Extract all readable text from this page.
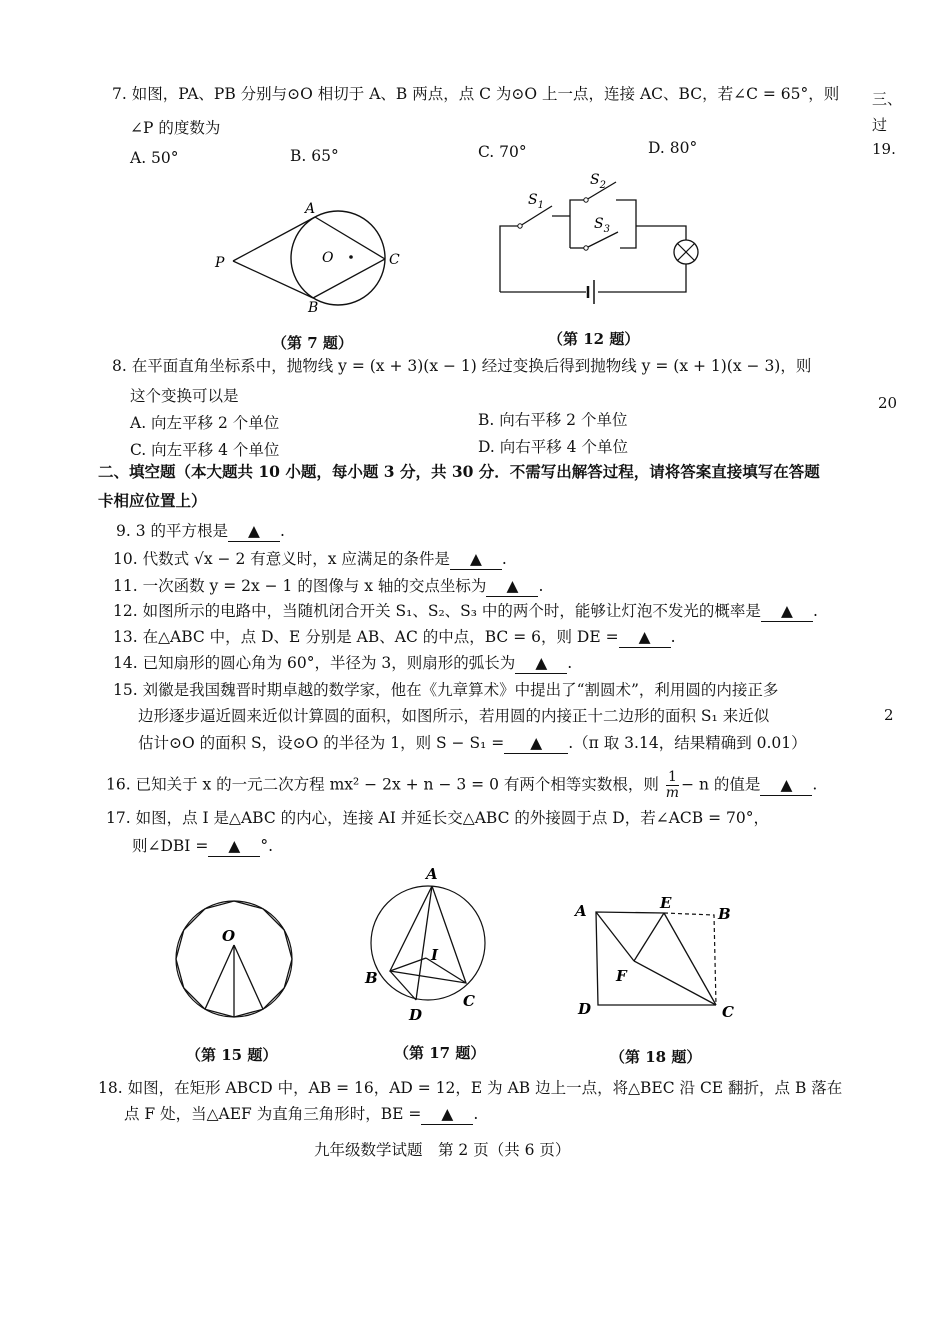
7. 如图，PA、PB 分别与⊙O 相切于 A、B 两点，点 C 为⊙O 上一点，连接 AC、BC，若∠C = 65°，则
∠P 的度数为
A. 50°	B. 65°	C. 70°	D. 80°
A
B
P	O	C
（第 7 题）
$S_1$
$S_2$
$S_3$
（第 12 题）
8. 在平面直角坐标系中，抛物线 y = (x + 3)(x − 1) 经过变换后得到抛物线 y = (x + 1)(x − 3)，则
这个变换可以是
A. 向左平移 2 个单位	B. 向右平移 2 个单位
C. 向左平移 4 个单位	D. 向右平移 4 个单位
二、填空题（本大题共 10 小题，每小题 3 分，共 30 分．不需写出解答过程，请将答案直接填写在答题
卡相应位置上）
9. 3 的平方根是 ▲ .
10. 代数式 √x − 2 有意义时，x 应满足的条件是 ▲ .
11. 一次函数 y = 2x − 1 的图像与 x 轴的交点坐标为 ▲ .
12. 如图所示的电路中，当随机闭合开关 S₁、S₂、S₃ 中的两个时，能够让灯泡不发光的概率是 ▲ .
13. 在△ABC 中，点 D、E 分别是 AB、AC 的中点，BC = 6，则 DE = ▲ .
14. 已知扇形的圆心角为 60°，半径为 3，则扇形的弧长为 ▲ .
15. 刘徽是我国魏晋时期卓越的数学家，他在《九章算术》中提出了“割圆术”，利用圆的内接正多
边形逐步逼近圆来近似计算圆的面积，如图所示，若用圆的内接正十二边形的面积 S₁ 来近似
估计⊙O 的面积 S，设⊙O 的半径为 1，则 S − S₁ = ▲ .（π 取 3.14，结果精确到 0.01）
16. 已知关于 x 的一元二次方程 mx² − 2x + n − 3 = 0 有两个相等实数根，则 $\frac{1}{m} - n$ 的值是 ▲ .
17. 如图，点 I 是△ABC 的内心，连接 AI 并延长交△ABC 的外接圆于点 D，若∠ACB = 70°，
则∠DBI = ▲ °.
O
（第 15 题）
A
I
B
C
D
（第 17 题）
A	E
B
F
D	C
（第 18 题）
18. 如图，在矩形 ABCD 中，AB = 16，AD = 12，E 为 AB 边上一点，将△BEC 沿 CE 翻折，点 B 落在
点 F 处，当△AEF 为直角三角形时，BE = ▲ .
九年级数学试题　第 2 页（共 6 页）
三、
过
19.
20
2
